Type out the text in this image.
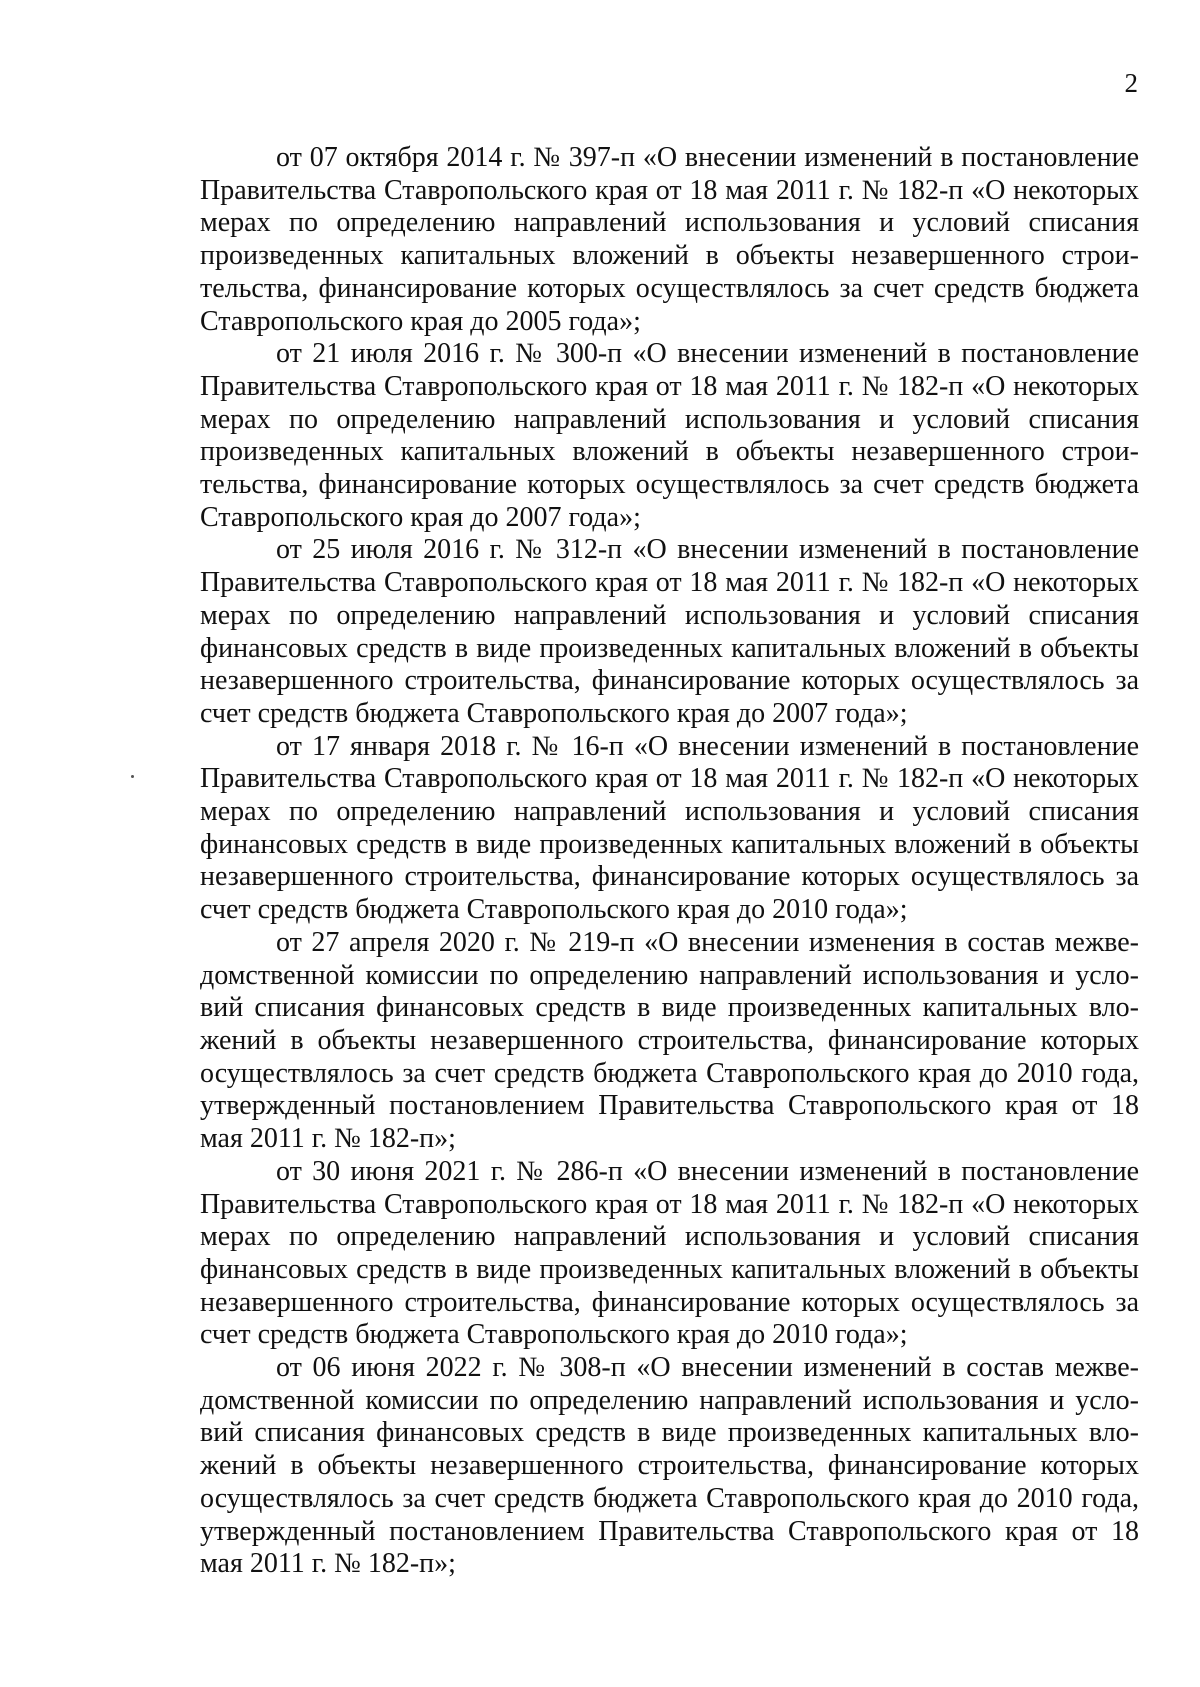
2

от 07 октября 2014 г. № 397-п «О внесении изменений в постановление Правительства Ставропольского края от 18 мая 2011 г. № 182-п «О некоторых мерах по определению направлений использования и условий списания произведенных капитальных вложений в объекты незавершенного строительства, финансирование которых осуществлялось за счет средств бюджета Ставропольского края до 2005 года»;

от 21 июля 2016 г. № 300-п «О внесении изменений в постановление Правительства Ставропольского края от 18 мая 2011 г. № 182-п «О некоторых мерах по определению направлений использования и условий списания произведенных капитальных вложений в объекты незавершенного строительства, финансирование которых осуществлялось за счет средств бюджета Ставропольского края до 2007 года»;

от 25 июля 2016 г. № 312-п «О внесении изменений в постановление Правительства Ставропольского края от 18 мая 2011 г. № 182-п «О некоторых мерах по определению направлений использования и условий списания финансовых средств в виде произведенных капитальных вложений в объекты незавершенного строительства, финансирование которых осуществлялось за счет средств бюджета Ставропольского края до 2007 года»;

от 17 января 2018 г. № 16-п «О внесении изменений в постановление Правительства Ставропольского края от 18 мая 2011 г. № 182-п «О некоторых мерах по определению направлений использования и условий списания финансовых средств в виде произведенных капитальных вложений в объекты незавершенного строительства, финансирование которых осуществлялось за счет средств бюджета Ставропольского края до 2010 года»;

от 27 апреля 2020 г. № 219-п «О внесении изменения в состав межведомственной комиссии по определению направлений использования и условий списания финансовых средств в виде произведенных капитальных вложений в объекты незавершенного строительства, финансирование которых осуществлялось за счет средств бюджета Ставропольского края до 2010 года, утвержденный постановлением Правительства Ставропольского края от 18 мая 2011 г. № 182-п»;

от 30 июня 2021 г. № 286-п «О внесении изменений в постановление Правительства Ставропольского края от 18 мая 2011 г. № 182-п «О некоторых мерах по определению направлений использования и условий списания финансовых средств в виде произведенных капитальных вложений в объекты незавершенного строительства, финансирование которых осуществлялось за счет средств бюджета Ставропольского края до 2010 года»;

от 06 июня 2022 г. № 308-п «О внесении изменений в состав межведомственной комиссии по определению направлений использования и условий списания финансовых средств в виде произведенных капитальных вложений в объекты незавершенного строительства, финансирование которых осуществлялось за счет средств бюджета Ставропольского края до 2010 года, утвержденный постановлением Правительства Ставропольского края от 18 мая 2011 г. № 182-п»;
